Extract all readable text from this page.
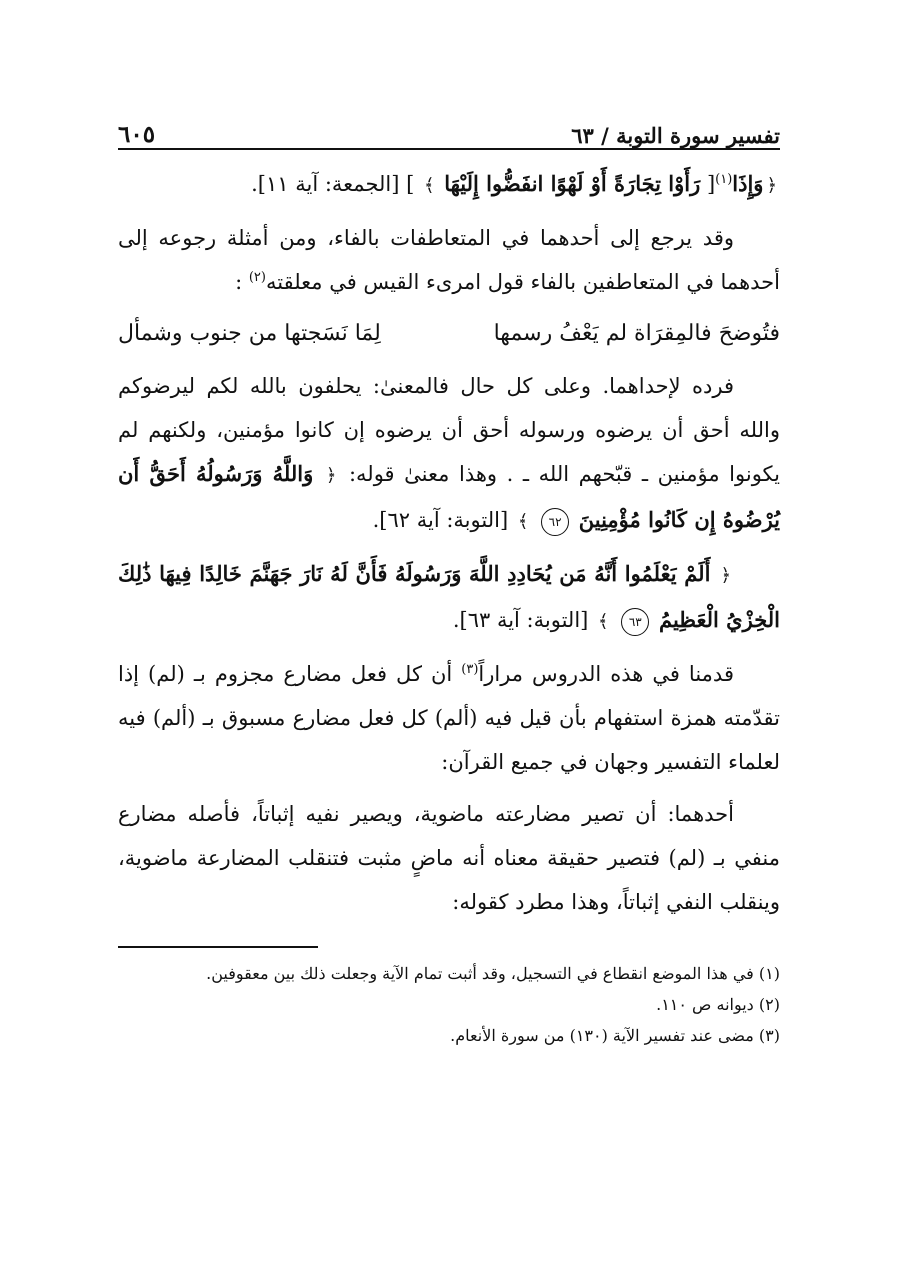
تفسير سورة التوبة / ٦٣
٦٠٥

﴿وَإِذَا$^{(١)}$[ رَأَوْا تِجَارَةً أَوْ لَهْوًا انفَضُّوا إِلَيْهَا ﴾ ] [الجمعة: آية ١١].

وقد يرجع إلى أحدهما في المتعاطفات بالفاء، ومن أمثلة رجوعه إلى أحدهما في المتعاطفين بالفاء قول امرىء القيس في معلقته$^{(٢)}$ :

فتُوضحَ فالمِقرَاة لم يَعْفُ رسمها
لِمَا نَسَجتها من جنوب وشمأل

فرده لإحداهما. وعلى كل حال فالمعنىٰ: يحلفون بالله لكم ليرضوكم والله أحق أن يرضوه ورسوله أحق أن يرضوه إن كانوا مؤمنين، ولكنهم لم يكونوا مؤمنين ـ قبّحهم الله ـ . وهذا معنىٰ قوله: ﴿ وَاللَّهُ وَرَسُولُهُ أَحَقُّ أَن يُرْضُوهُ إِن كَانُوا مُؤْمِنِينَ ٦٢ ﴾ [التوبة: آية ٦٢].

﴿ أَلَمْ يَعْلَمُوا أَنَّهُ مَن يُحَادِدِ اللَّهَ وَرَسُولَهُ فَأَنَّ لَهُ نَارَ جَهَنَّمَ خَالِدًا فِيهَا ذَٰلِكَ الْخِزْيُ الْعَظِيمُ ٦٣ ﴾ [التوبة: آية ٦٣].

قدمنا في هذه الدروس مراراً$^{(٣)}$ أن كل فعل مضارع مجزوم بـ (لم) إذا تقدّمته همزة استفهام بأن قيل فيه (ألم) كل فعل مضارع مسبوق بـ (ألم) فيه لعلماء التفسير وجهان في جميع القرآن:

أحدهما: أن تصير مضارعته ماضوية، ويصير نفيه إثباتاً، فأصله مضارع منفي بـ (لم) فتصير حقيقة معناه أنه ماضٍ مثبت فتنقلب المضارعة ماضوية، وينقلب النفي إثباتاً، وهذا مطرد كقوله:

(١) في هذا الموضع انقطاع في التسجيل، وقد أثبت تمام الآية وجعلت ذلك بين معقوفين.

(٢) ديوانه ص ١١٠.

(٣) مضى عند تفسير الآية (١٣٠) من سورة الأنعام.
